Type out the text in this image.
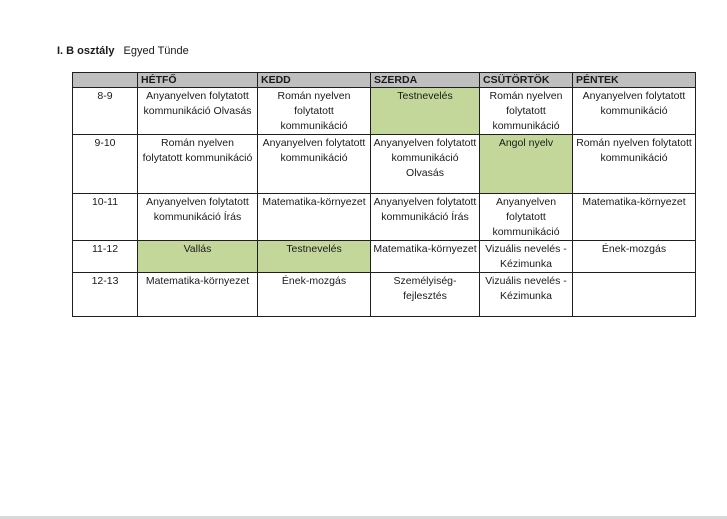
I. B osztály Egyed Tünde
	HÉTFŐ	KEDD	SZERDA	CSÜTÖRTÖK	PÉNTEK

8-9	Anyanyelven folytatott kommunikáció Olvasás	Román nyelven folytatott kommunikáció	Testnevelés	Román nyelven folytatott kommunikáció	Anyanyelven folytatott kommunikáció

9-10	Román nyelven folytatott kommunikáció	Anyanyelven folytatott kommunikáció	Anyanyelven folytatott kommunikáció Olvasás	Angol nyelv	Román nyelven folytatott kommunikáció

10-11	Anyanyelven folytatott kommunikáció Írás	Matematika-környezet	Anyanyelven folytatott kommunikáció Írás	Anyanyelven folytatott kommunikáció	Matematika-környezet

11-12	Vallás	Testnevelés	Matematika-környezet	Vizuális nevelés -Kézimunka	Ének-mozgás

12-13	Matematika-környezet	Ének-mozgás	Személyiség-fejlesztés	Vizuális nevelés -Kézimunka	
